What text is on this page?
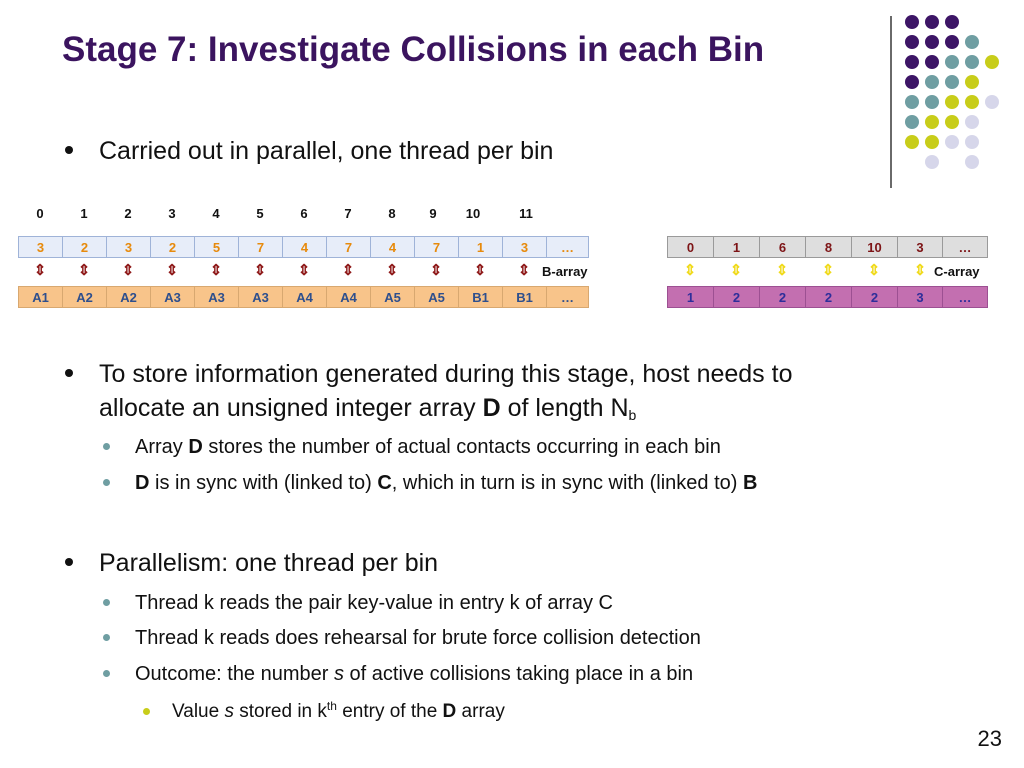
Stage 7: Investigate Collisions in each Bin
Carried out in parallel, one thread per bin
0	1	2	3	4	5	6	7	8	9	10	11
3	2	3	2	5	7	4	7	4	7	1	3	…
⇕	⇕	⇕	⇕	⇕	⇕	⇕	⇕	⇕	⇕	⇕	⇕ B-array
A1	A2	A2	A3	A3	A3	A4	A4	A5	A5	B1	B1	…
0	1	6	8	10	3	…
⇕	⇕	⇕	⇕	⇕	⇕ C-array
1	2	2	2	2	3	…
To store information generated during this stage, host needs to
allocate an unsigned integer array D of length $N_b$
Array D stores the number of actual contacts occurring in each bin
D is in sync with (linked to) C, which in turn is in sync with (linked to) B
Parallelism: one thread per bin
Thread k reads the pair key-value in entry k of array C
Thread k reads does rehearsal for brute force collision detection
Outcome: the number s of active collisions taking place in a bin
Value s stored in $k^{th}$ entry of the D array
23
